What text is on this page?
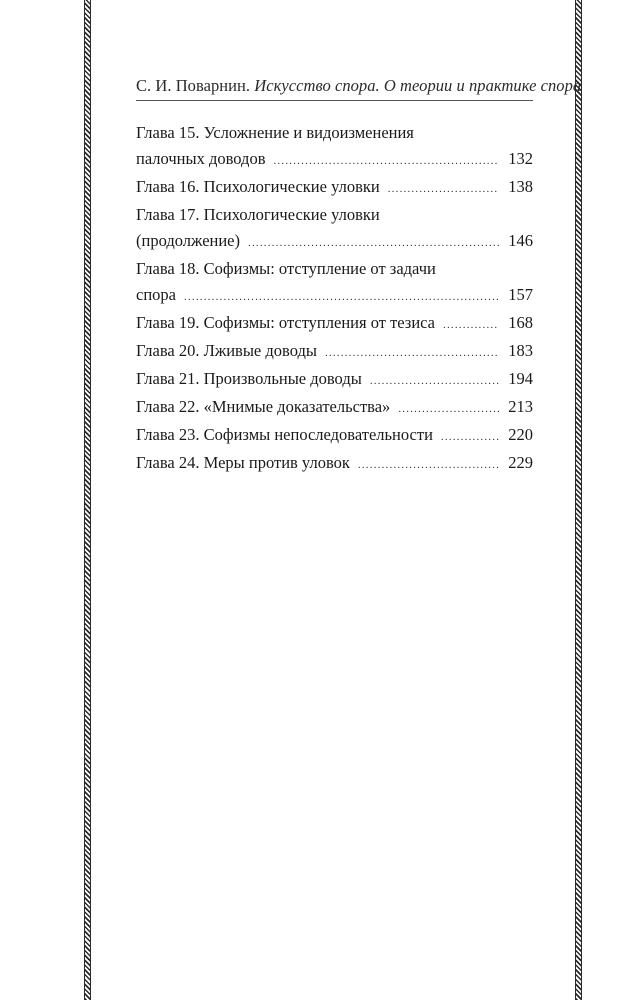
С. И. Поварнин. Искусство спора. О теории и практике спора
Глава 15. Усложнение и видоизменения
палочных доводов .....	132
Глава 16. Психологические уловки .....	138
Глава 17. Психологические уловки
(продолжение) .....	146
Глава 18. Софизмы: отступление от задачи
спора .....	157
Глава 19. Софизмы: отступления от тезиса .....	168
Глава 20. Лживые доводы .....	183
Глава 21. Произвольные доводы .....	194
Глава 22. «Мнимые доказательства» .....	213
Глава 23. Софизмы непоследовательности .....	220
Глава 24. Меры против уловок .....	229
